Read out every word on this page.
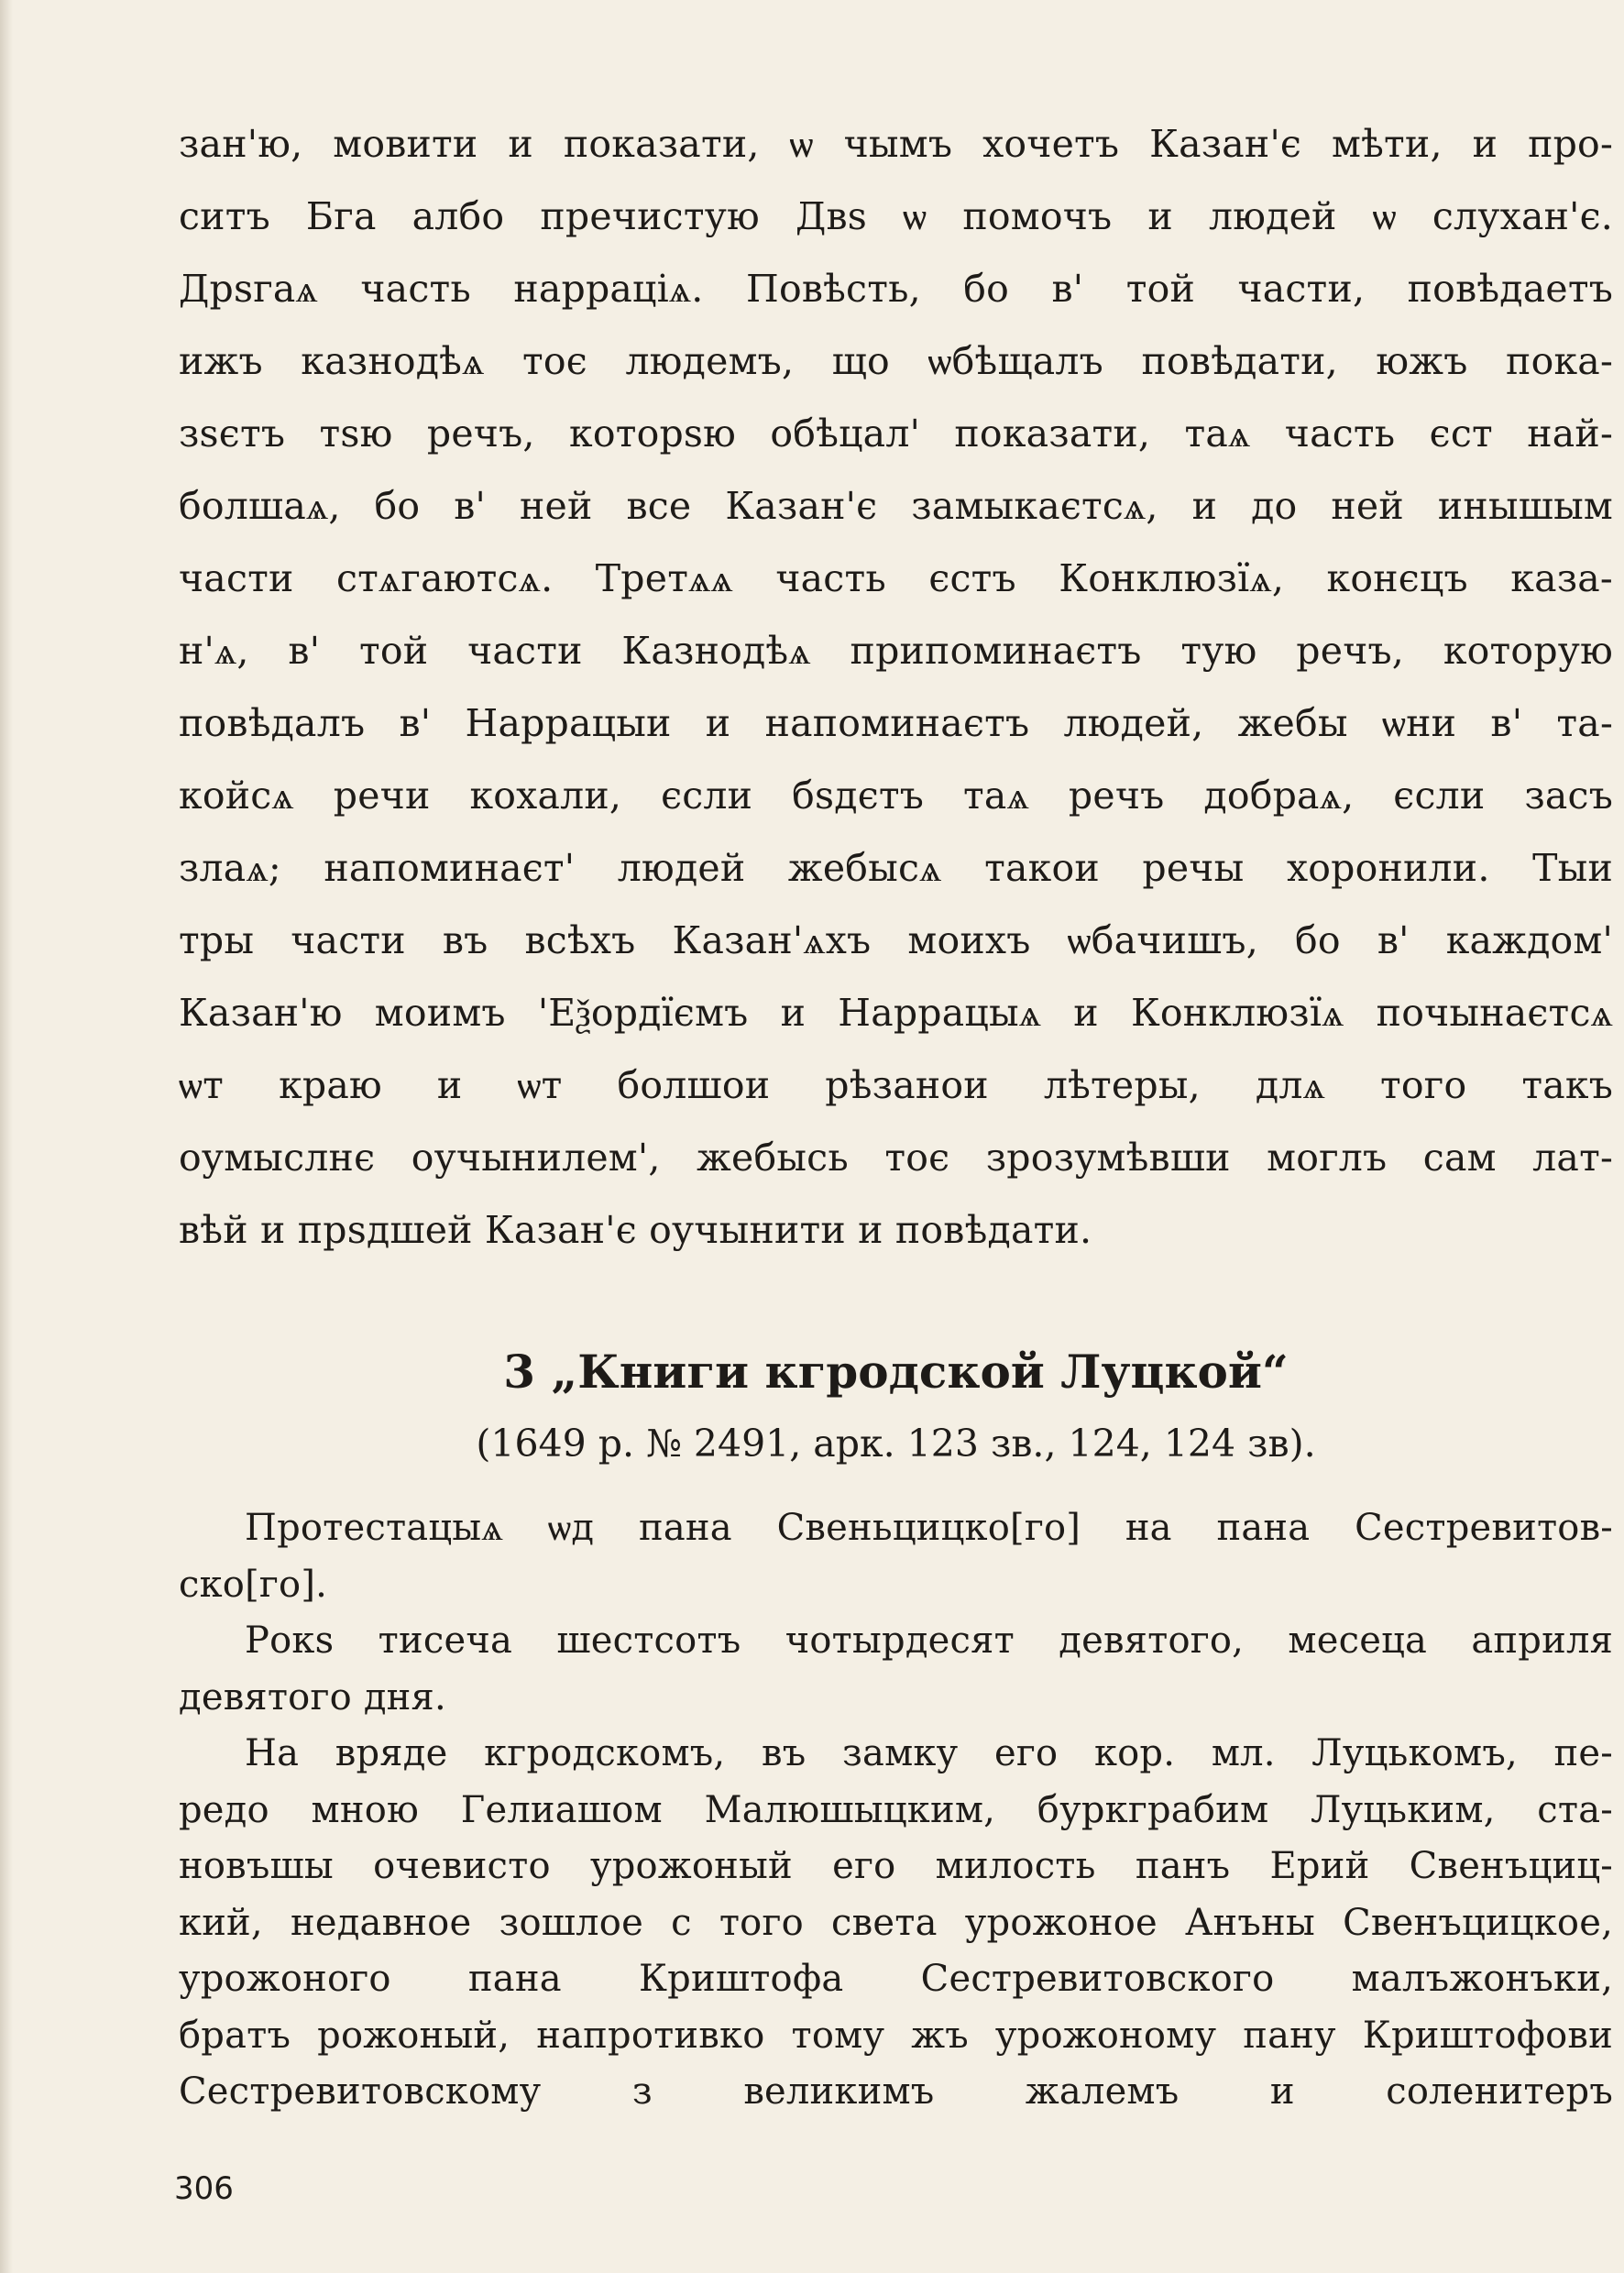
зан'ю, мовити и показати, ѡ чымъ хочетъ Казан'є мѣти, и про-
ситъ Бга албо пречистую Двѕ ѡ помочъ и людей ѡ слухан'є.
Дрѕгаѧ часть нарраціѧ. Повѣсть, бо в' той части, повѣдаетъ
ижъ казнодѣѧ тоє людемъ, що ѡбѣщалъ повѣдати, южъ пока-
зѕєтъ тѕю речъ, которѕю обѣцал' показати, таѧ часть єст най-
болшаѧ, бо в' ней все Казан'є замыкаєтсѧ, и до ней инышым
части стѧгаютсѧ. Третѧѧ часть єстъ Конклюзїѧ, конєцъ каза-
н'ѧ, в' той части Казнодѣѧ припоминаєтъ тую речъ, которую
повѣдалъ в' Наррацыи и напоминаєтъ людей, жебы ѡни в' та-
койсѧ речи кохали, єсли бѕдєтъ таѧ речъ добраѧ, єсли засъ
злаѧ; напоминаєт' людей жебысѧ такои речы хоронили. Тыи
тры части въ всѣхъ Казан'ѧхъ моихъ ѡбачишъ, бо в' каждом'
Казан'ю моимъ 'Еѯордїємъ и Наррацыѧ и Конклюзїѧ почынаєтсѧ
ѡт краю и ѡт болшои рѣзанои лѣтеры, длѧ того такъ
оумыслнє оучынилем', жебысь тоє зрозумѣвши моглъ сам лат-
вѣй и прѕдшей Казан'є оучынити и повѣдати.
3 „Книги кгродской Луцкой“
(1649 р. № 2491, арк. 123 зв., 124, 124 зв).
Протестацыѧ ѡд пана Свеньцицко[го] на пана Сестревитов-
ско[го].
Рокѕ тисеча шестсотъ чотырдесят девятого, месеца априля
девятого дня.
На вряде кгродскомъ, въ замку его кор. мл. Луцькомъ, пе-
редо мною Гелиашом Малюшыцким, буркграбим Луцьким, ста-
новъшы очевисто урожоный его милость панъ Ерий Свенъциц-
кий, недавное зошлое с того света урожоное Анъны Свенъцицкое,
урожоного пана Криштофа Сестревитовского малъжонъки,
братъ рожоный, напротивко тому жъ урожоному пану Криштофови
Сестревитовскому з великимъ жалемъ и соленитеръ
306
